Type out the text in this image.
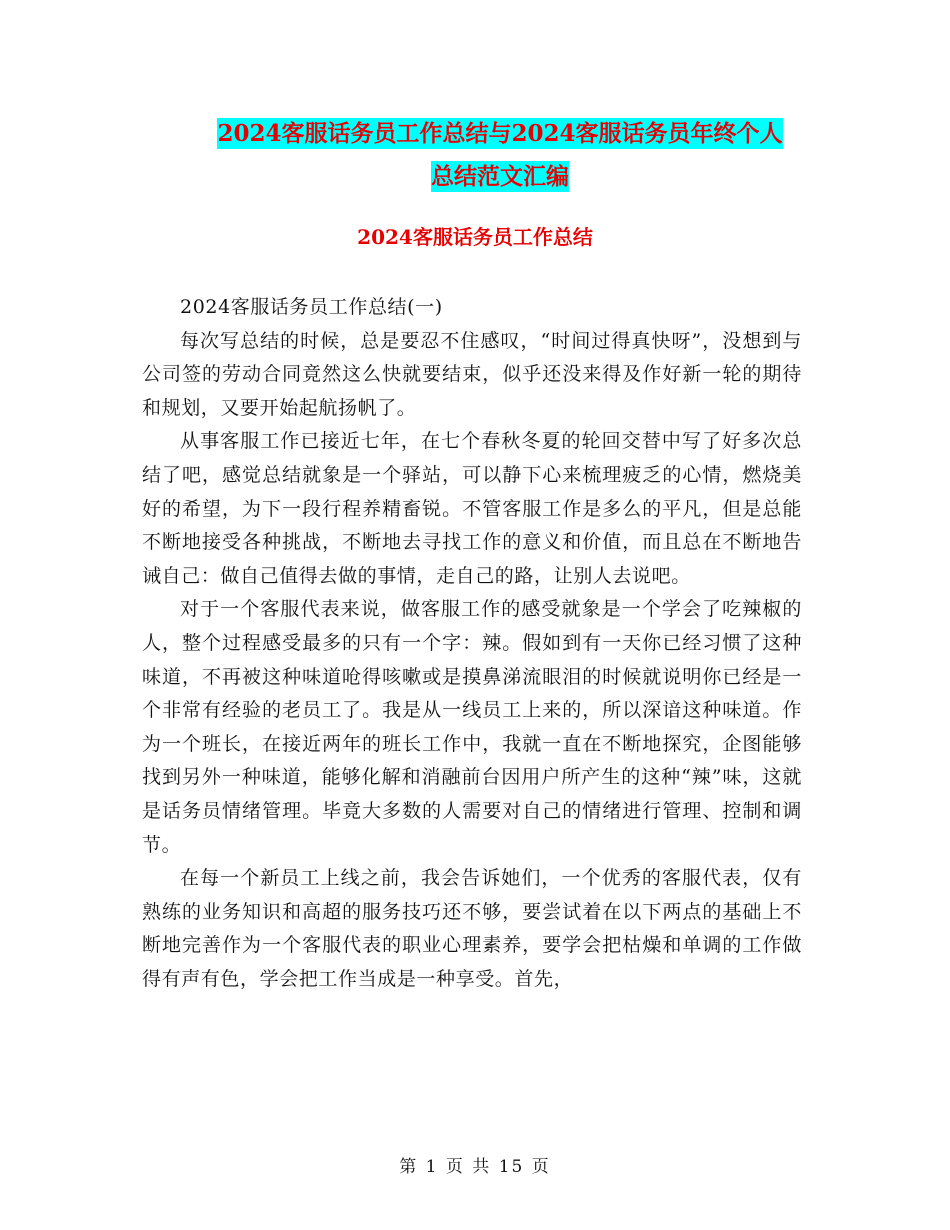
2024客服话务员工作总结与2024客服话务员年终个人
总结范文汇编
2024客服话务员工作总结

2024客服话务员工作总结(一)

每次写总结的时候，总是要忍不住感叹，“时间过得真快呀”，没想到与公司签的劳动合同竟然这么快就要结束，似乎还没来得及作好新一轮的期待和规划，又要开始起航扬帆了。

从事客服工作已接近七年，在七个春秋冬夏的轮回交替中写了好多次总结了吧，感觉总结就象是一个驿站，可以静下心来梳理疲乏的心情，燃烧美好的希望，为下一段行程养精畜锐。不管客服工作是多么的平凡，但是总能不断地接受各种挑战，不断地去寻找工作的意义和价值，而且总在不断地告诫自己：做自己值得去做的事情，走自己的路，让别人去说吧。

对于一个客服代表来说，做客服工作的感受就象是一个学会了吃辣椒的人，整个过程感受最多的只有一个字：辣。假如到有一天你已经习惯了这种味道，不再被这种味道呛得咳嗽或是摸鼻涕流眼泪的时候就说明你已经是一个非常有经验的老员工了。我是从一线员工上来的，所以深谙这种味道。作为一个班长，在接近两年的班长工作中，我就一直在不断地探究，企图能够找到另外一种味道，能够化解和消融前台因用户所产生的这种“辣”味，这就是话务员情绪管理。毕竟大多数的人需要对自己的情绪进行管理、控制和调节。

在每一个新员工上线之前，我会告诉她们，一个优秀的客服代表，仅有熟练的业务知识和高超的服务技巧还不够，要尝试着在以下两点的基础上不断地完善作为一个客服代表的职业心理素养，要学会把枯燥和单调的工作做得有声有色，学会把工作当成是一种享受。首先，

第 1 页 共 15 页
